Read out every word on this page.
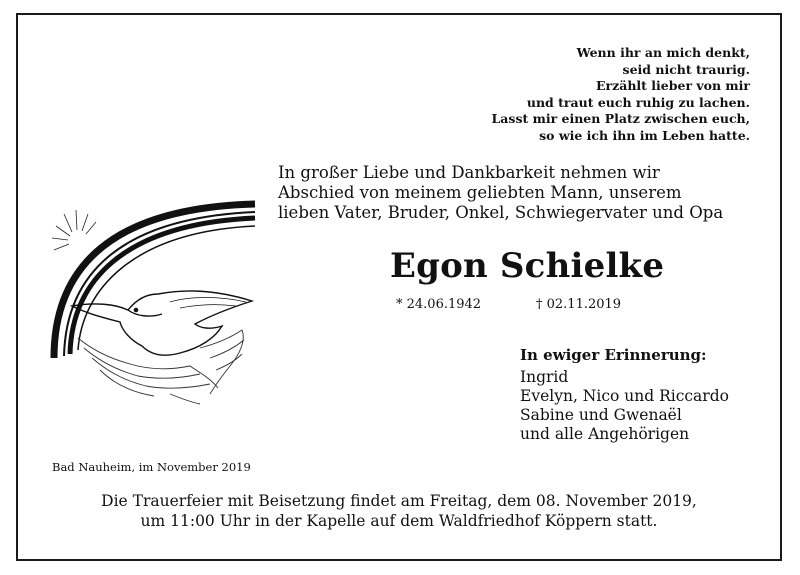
Wenn ihr an mich denkt,
seid nicht traurig.
Erzählt lieber von mir
und traut euch ruhig zu lachen.
Lasst mir einen Platz zwischen euch,
so wie ich ihn im Leben hatte.
In großer Liebe und Dankbarkeit nehmen wir
Abschied von meinem geliebten Mann, unserem
lieben Vater, Bruder, Onkel, Schwiegervater und Opa
Egon Schielke
* 24.06.1942	† 02.11.2019
In ewiger Erinnerung:
Ingrid
Evelyn, Nico und Riccardo
Sabine und Gwenaël
und alle Angehörigen
Bad Nauheim, im November 2019
Die Trauerfeier mit Beisetzung findet am Freitag, dem 08. November 2019,
um 11:00 Uhr in der Kapelle auf dem Waldfriedhof Köppern statt.
